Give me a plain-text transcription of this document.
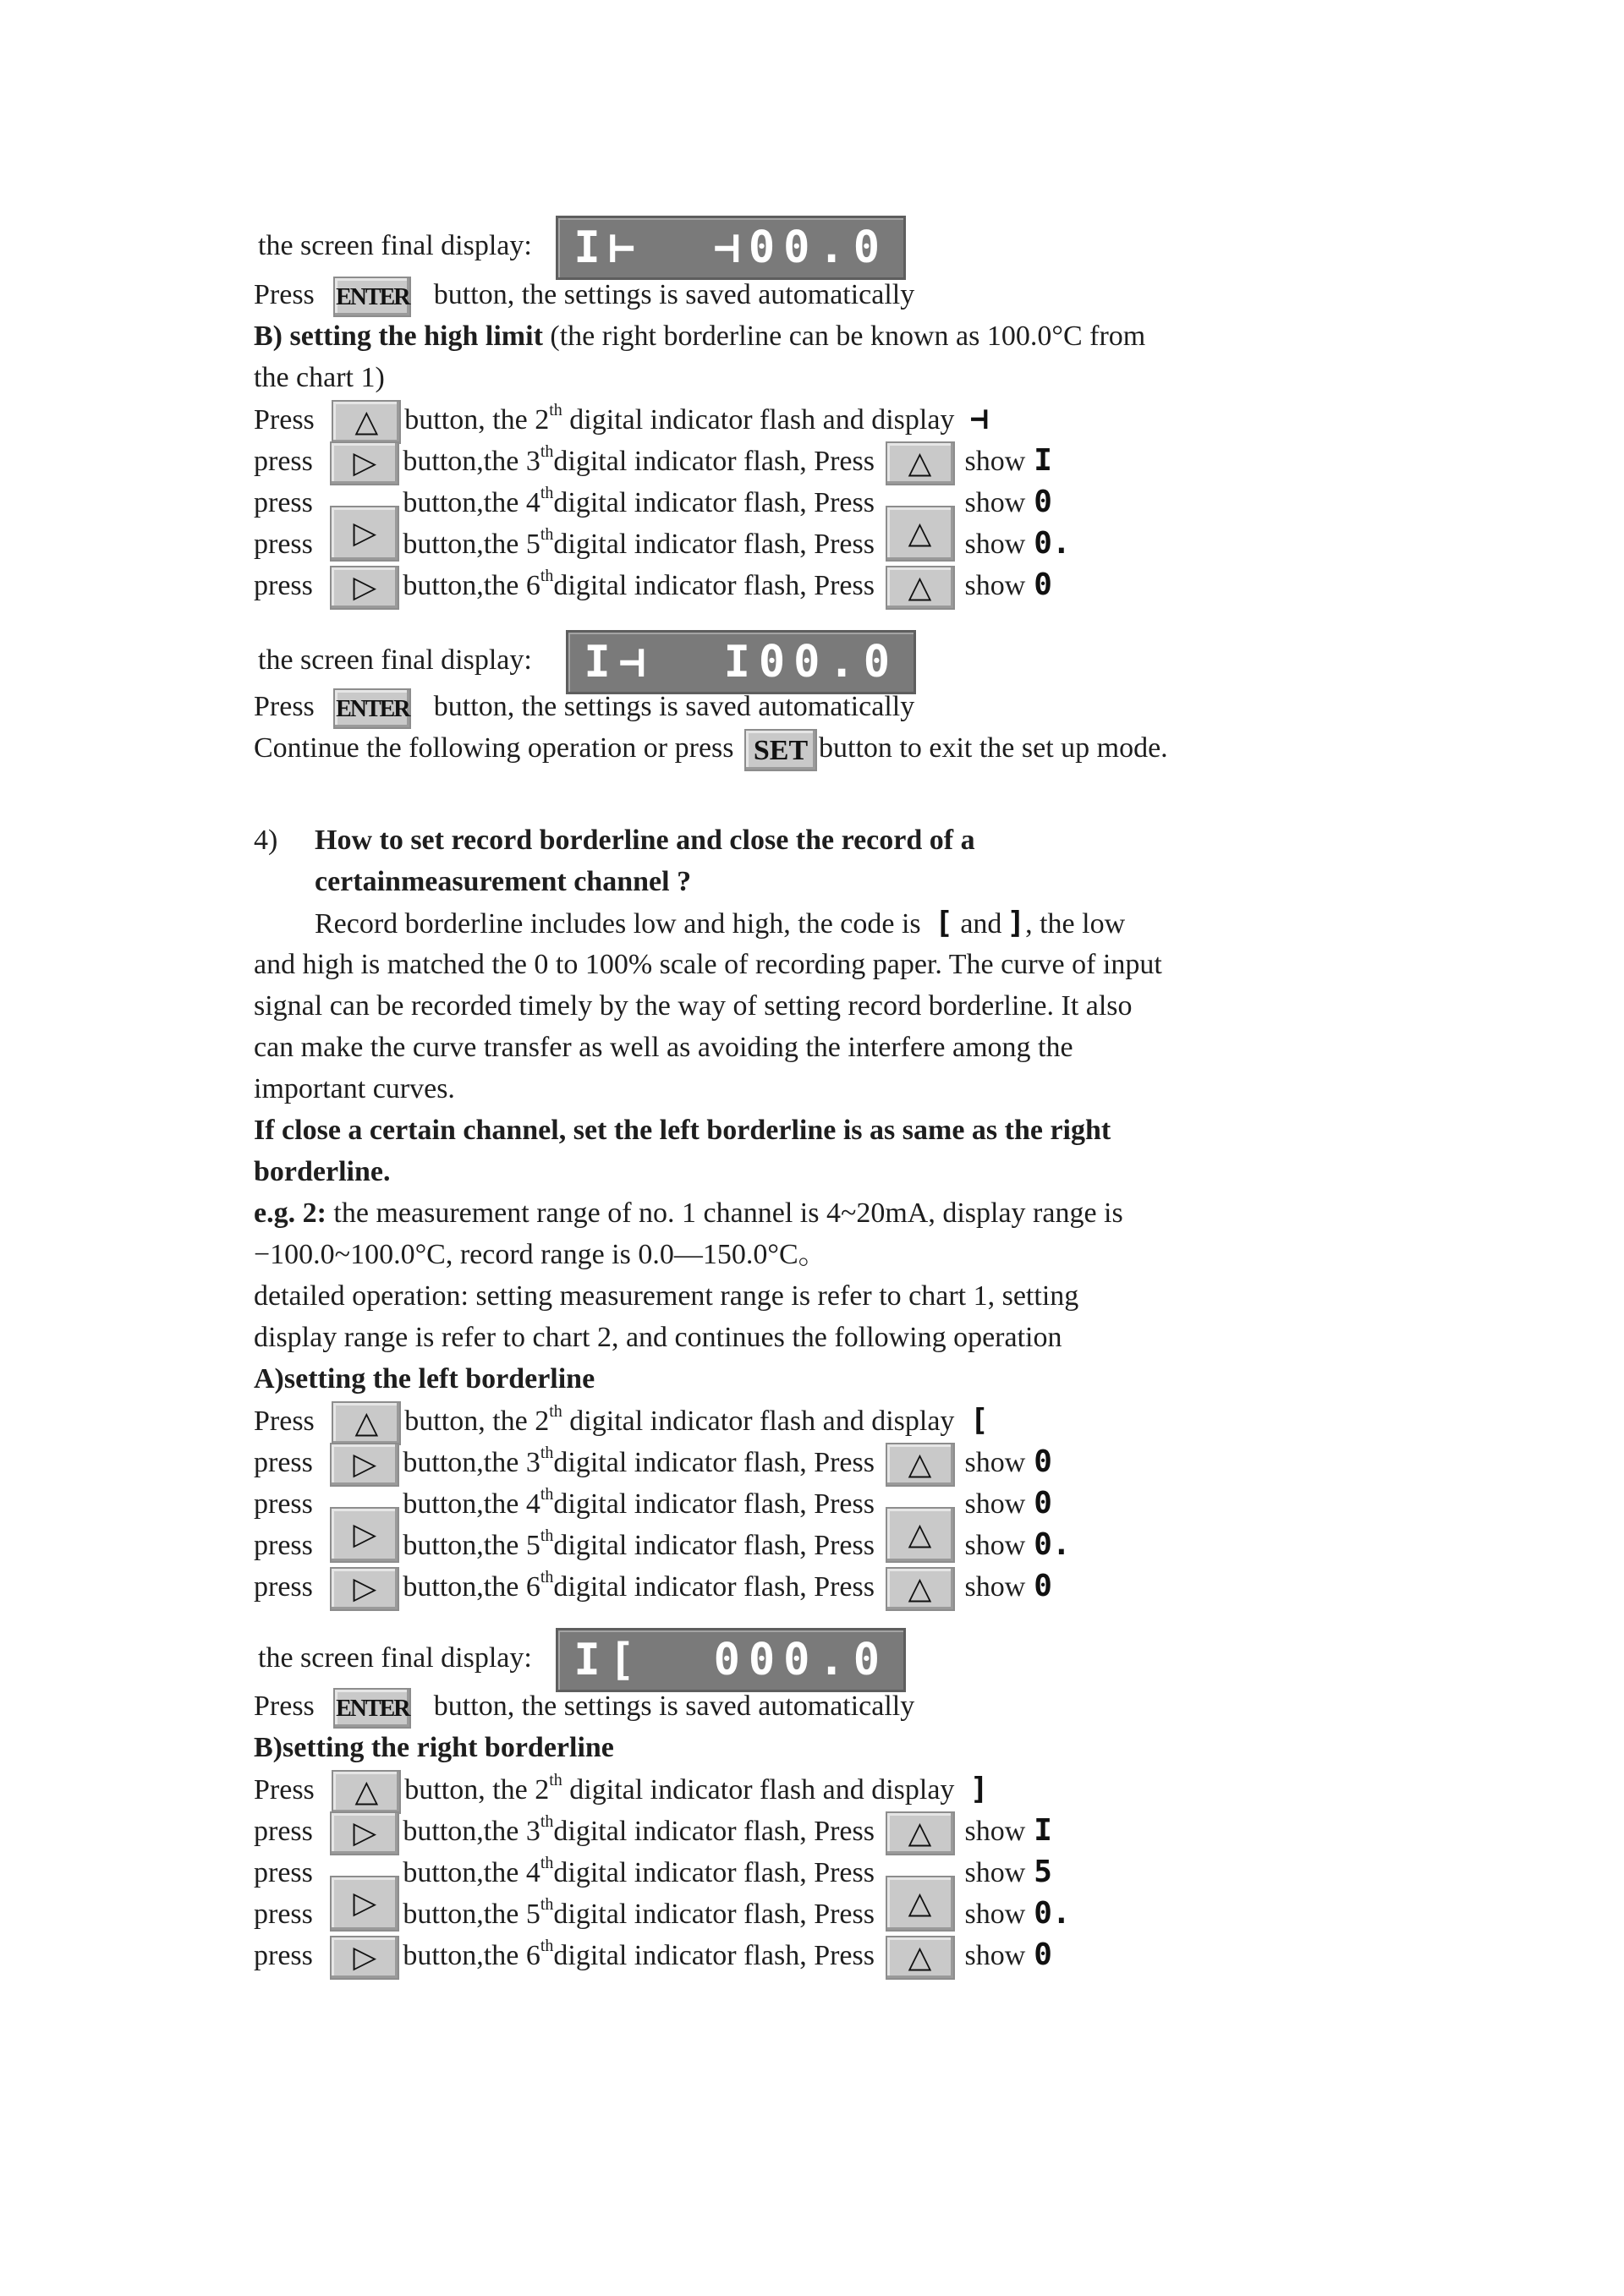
the screen final display: I⊢  ⊣00.0
Press ENTER button, the settings is saved automatically
B) setting the high limit (the right borderline can be known as 100.0°C from
the chart 1)
Press △ button, the 2th digital indicator flash and display ⊣
press ▷ button,the 3thdigital indicator flash, Press △ show I
press	button,the 4thdigital indicator flash, Press	show 0
press ▷ button,the 5thdigital indicator flash, Press △ show 0.
press ▷ button,the 6thdigital indicator flash, Press △ show 0
the screen final display: I⊣  I00.0
Press ENTER button, the settings is saved automatically
Continue the following operation or press SET button to exit the set up mode.
4) How to set record borderline and close the record of a
certainmeasurement channel ?
Record borderline includes low and high, the code is [ and ], the low
and high is matched the 0 to 100% scale of recording paper. The curve of input
signal can be recorded timely by the way of setting record borderline. It also
can make the curve transfer as well as avoiding the interfere among the
important curves.
If close a certain channel, set the left borderline is as same as the right
borderline.
e.g. 2: the measurement range of no. 1 channel is 4~20mA, display range is
−100.0~100.0°C, record range is 0.0—150.0°C。
detailed operation: setting measurement range is refer to chart 1, setting
display range is refer to chart 2, and continues the following operation
A)setting the left borderline
Press △ button, the 2th digital indicator flash and display [
press ▷ button,the 3thdigital indicator flash, Press △ show 0
press	button,the 4thdigital indicator flash, Press	show 0
press ▷ button,the 5thdigital indicator flash, Press △ show 0.
press ▷ button,the 6thdigital indicator flash, Press △ show 0
the screen final display: I[  000.0
Press ENTER button, the settings is saved automatically
B)setting the right borderline
Press △ button, the 2th digital indicator flash and display ]
press ▷ button,the 3thdigital indicator flash, Press △ show I
press	button,the 4thdigital indicator flash, Press	show 5
press ▷ button,the 5thdigital indicator flash, Press △ show 0.
press ▷ button,the 6thdigital indicator flash, Press △ show 0
